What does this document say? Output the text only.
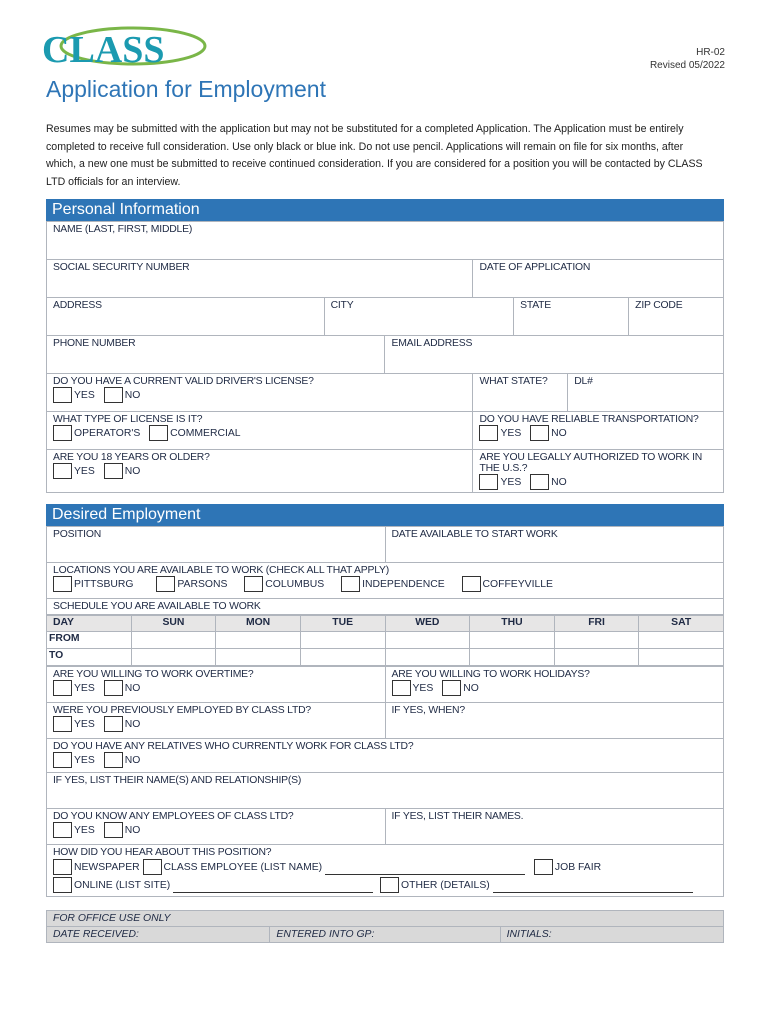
CLASS	HR-02
Revised 05/2022
Application for Employment
Resumes may be submitted with the application but may not be substituted for a completed Application. The Application must be entirely completed to receive full consideration. Use only black or blue ink. Do not use pencil. Applications will remain on file for six months, after which, a new one must be submitted to receive continued consideration. If you are considered for a position you will be contacted by CLASS LTD officials for an interview.
Personal Information
NAME (LAST, FIRST, MIDDLE)						

SOCIAL SECURITY NUMBER			DATE OF APPLICATION			

ADDRESS	CITY			STATE		ZIP CODE

PHONE NUMBER		EMAIL ADDRESS				

DO YOU HAVE A CURRENT VALID DRIVER'S LICENSE?
YES NO			WHAT STATE?		DL#	

WHAT TYPE OF LICENSE IS IT?
OPERATOR'S COMMERCIAL			DO YOU HAVE RELIABLE TRANSPORTATION?
YES NO			

ARE YOU 18 YEARS OR OLDER?
YES NO			ARE YOU LEGALLY AUTHORIZED TO WORK IN THE U.S.?
YES NO			
Desired Employment
POSITION	DATE AVAILABLE TO START WORK

LOCATIONS YOU ARE AVAILABLE TO WORK (CHECK ALL THAT APPLY)
PITTSBURG	PARSONS	COLUMBUS	INDEPENDENCE	COFFEYVILLE

SCHEDULE YOU ARE AVAILABLE TO WORK
DAY	SUN	MON	TUE	WED	THU	FRI	SAT
FROM							
TO							
ARE YOU WILLING TO WORK OVERTIME?
YES NO	ARE YOU WILLING TO WORK HOLIDAYS?
YES NO

WERE YOU PREVIOUSLY EMPLOYED BY CLASS LTD?
YES NO	IF YES, WHEN?

DO YOU HAVE ANY RELATIVES WHO CURRENTLY WORK FOR CLASS LTD?
YES NO	

IF YES, LIST THEIR NAME(S) AND RELATIONSHIP(S)	

DO YOU KNOW ANY EMPLOYEES OF CLASS LTD?
YES NO	IF YES, LIST THEIR NAMES.

HOW DID YOU HEAR ABOUT THIS POSITION?
NEWSPAPER CLASS EMPLOYEE (LIST NAME) JOB FAIR
ONLINE (LIST SITE) OTHER (DETAILS)	
FOR OFFICE USE ONLY
DATE RECEIVED:	ENTERED INTO GP:	INITIALS:
